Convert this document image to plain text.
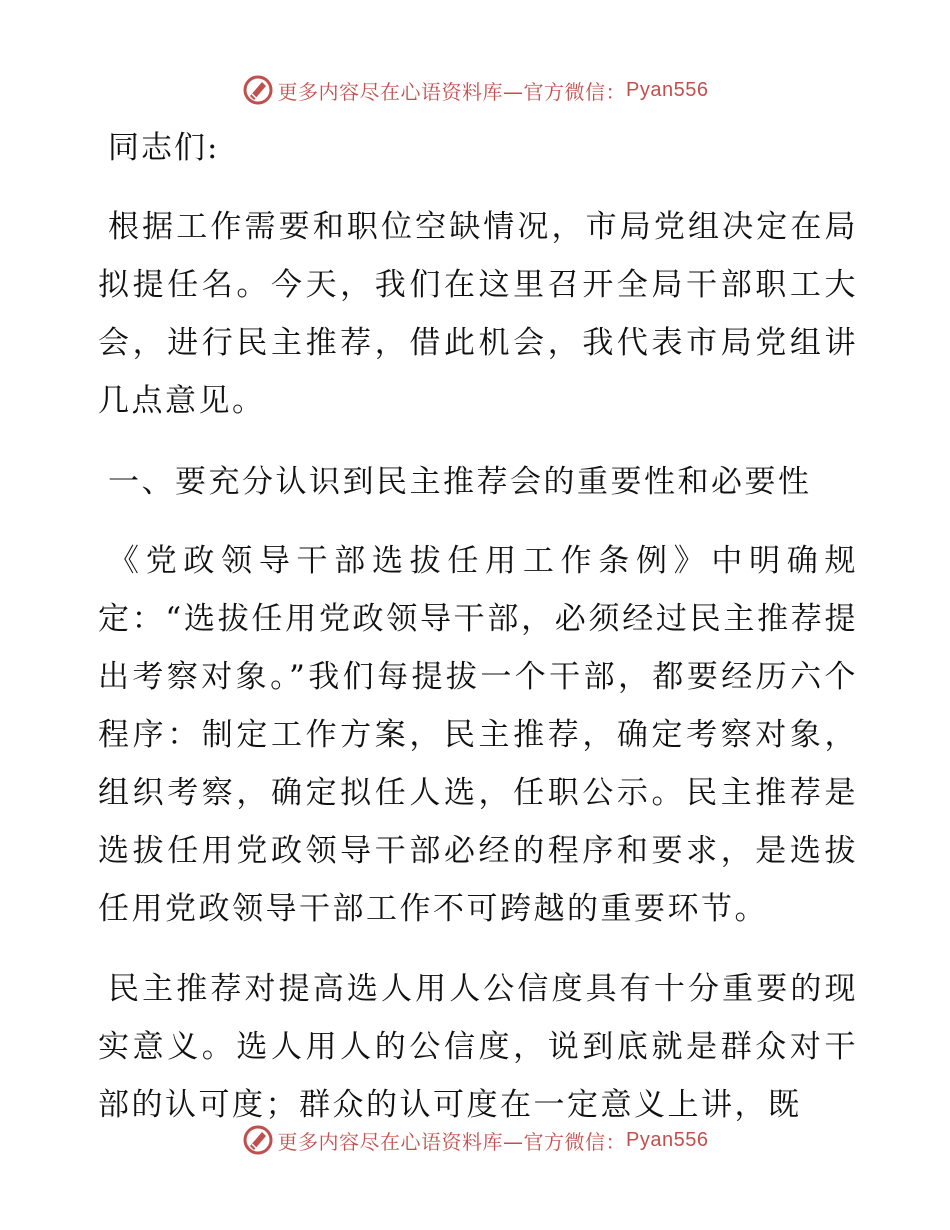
更多内容尽在心语资料库—官方微信： Pyan556

同志们:

根据工作需要和职位空缺情况，市局党组决定在局拟提任名。今天，我们在这里召开全局干部职工大会，进行民主推荐，借此机会，我代表市局党组讲几点意见。

一、要充分认识到民主推荐会的重要性和必要性

《党政领导干部选拔任用工作条例》中明确规定：“选拔任用党政领导干部，必须经过民主推荐提出考察对象。”我们每提拔一个干部，都要经历六个程序：制定工作方案，民主推荐，确定考察对象，组织考察，确定拟任人选，任职公示。民主推荐是选拔任用党政领导干部必经的程序和要求，是选拔任用党政领导干部工作不可跨越的重要环节。

民主推荐对提高选人用人公信度具有十分重要的现实意义。选人用人的公信度，说到底就是群众对干部的认可度；群众的认可度在一定意义上讲，既

更多内容尽在心语资料库—官方微信： Pyan556
